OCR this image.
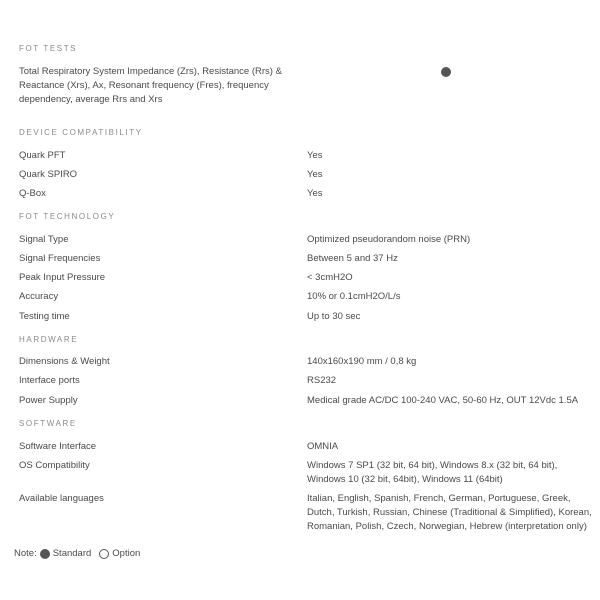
FOT TESTS
Total Respiratory System Impedance (Zrs), Resistance (Rrs) & Reactance (Xrs), Ax, Resonant frequency (Fres), frequency dependency, average Rrs and Xrs
DEVICE COMPATIBILITY
Quark PFT	Yes
Quark SPIRO	Yes
Q-Box	Yes
FOT TECHNOLOGY
Signal Type	Optimized pseudorandom noise (PRN)
Signal Frequencies	Between 5 and 37 Hz
Peak Input Pressure	< 3cmH2O
Accuracy	10% or 0.1cmH2O/L/s
Testing time	Up to 30 sec
HARDWARE
Dimensions & Weight	140x160x190 mm / 0,8 kg
Interface ports	RS232
Power Supply	Medical grade AC/DC 100-240 VAC, 50-60 Hz, OUT 12Vdc 1.5A
SOFTWARE
Software Interface	OMNIA
OS Compatibility	Windows 7 SP1 (32 bit, 64 bit), Windows 8.x (32 bit, 64 bit), Windows 10 (32 bit, 64bit), Windows 11 (64bit)
Available languages	Italian, English, Spanish, French, German, Portuguese, Greek, Dutch, Turkish, Russian, Chinese (Traditional & Simplified), Korean, Romanian, Polish, Czech, Norwegian, Hebrew (interpretation only)
Note: Standard Option
